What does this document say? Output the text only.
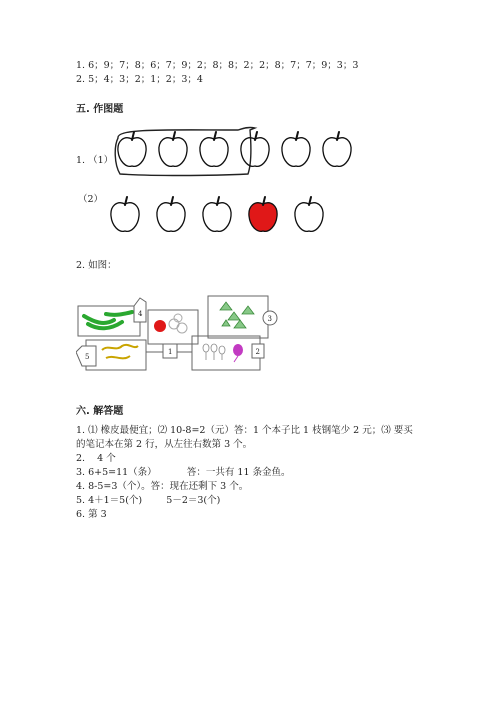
1. 6；9；7；8；6；7；9；2；8；8；2；2；8；7；7；9；3；3
2. 5；4；3；2；1；2；3；4
五. 作图题
1. （1）
（2）
2. 如图：
4
5
1
3
2
六. 解答题
1. ⑴ 橡皮最便宜；⑵ 10-8=2（元）答：1 个本子比 1 枝钢笔少 2 元；⑶ 要买
的笔记本在第 2 行，从左往右数第 3 个。
2.    4 个
3. 6+5=11（条）          答：一共有 11 条金鱼。
4. 8-5=3（个）。答：现在还剩下 3 个。
5. 4＋1＝5(个)        5－2＝3(个)
6. 第 3
